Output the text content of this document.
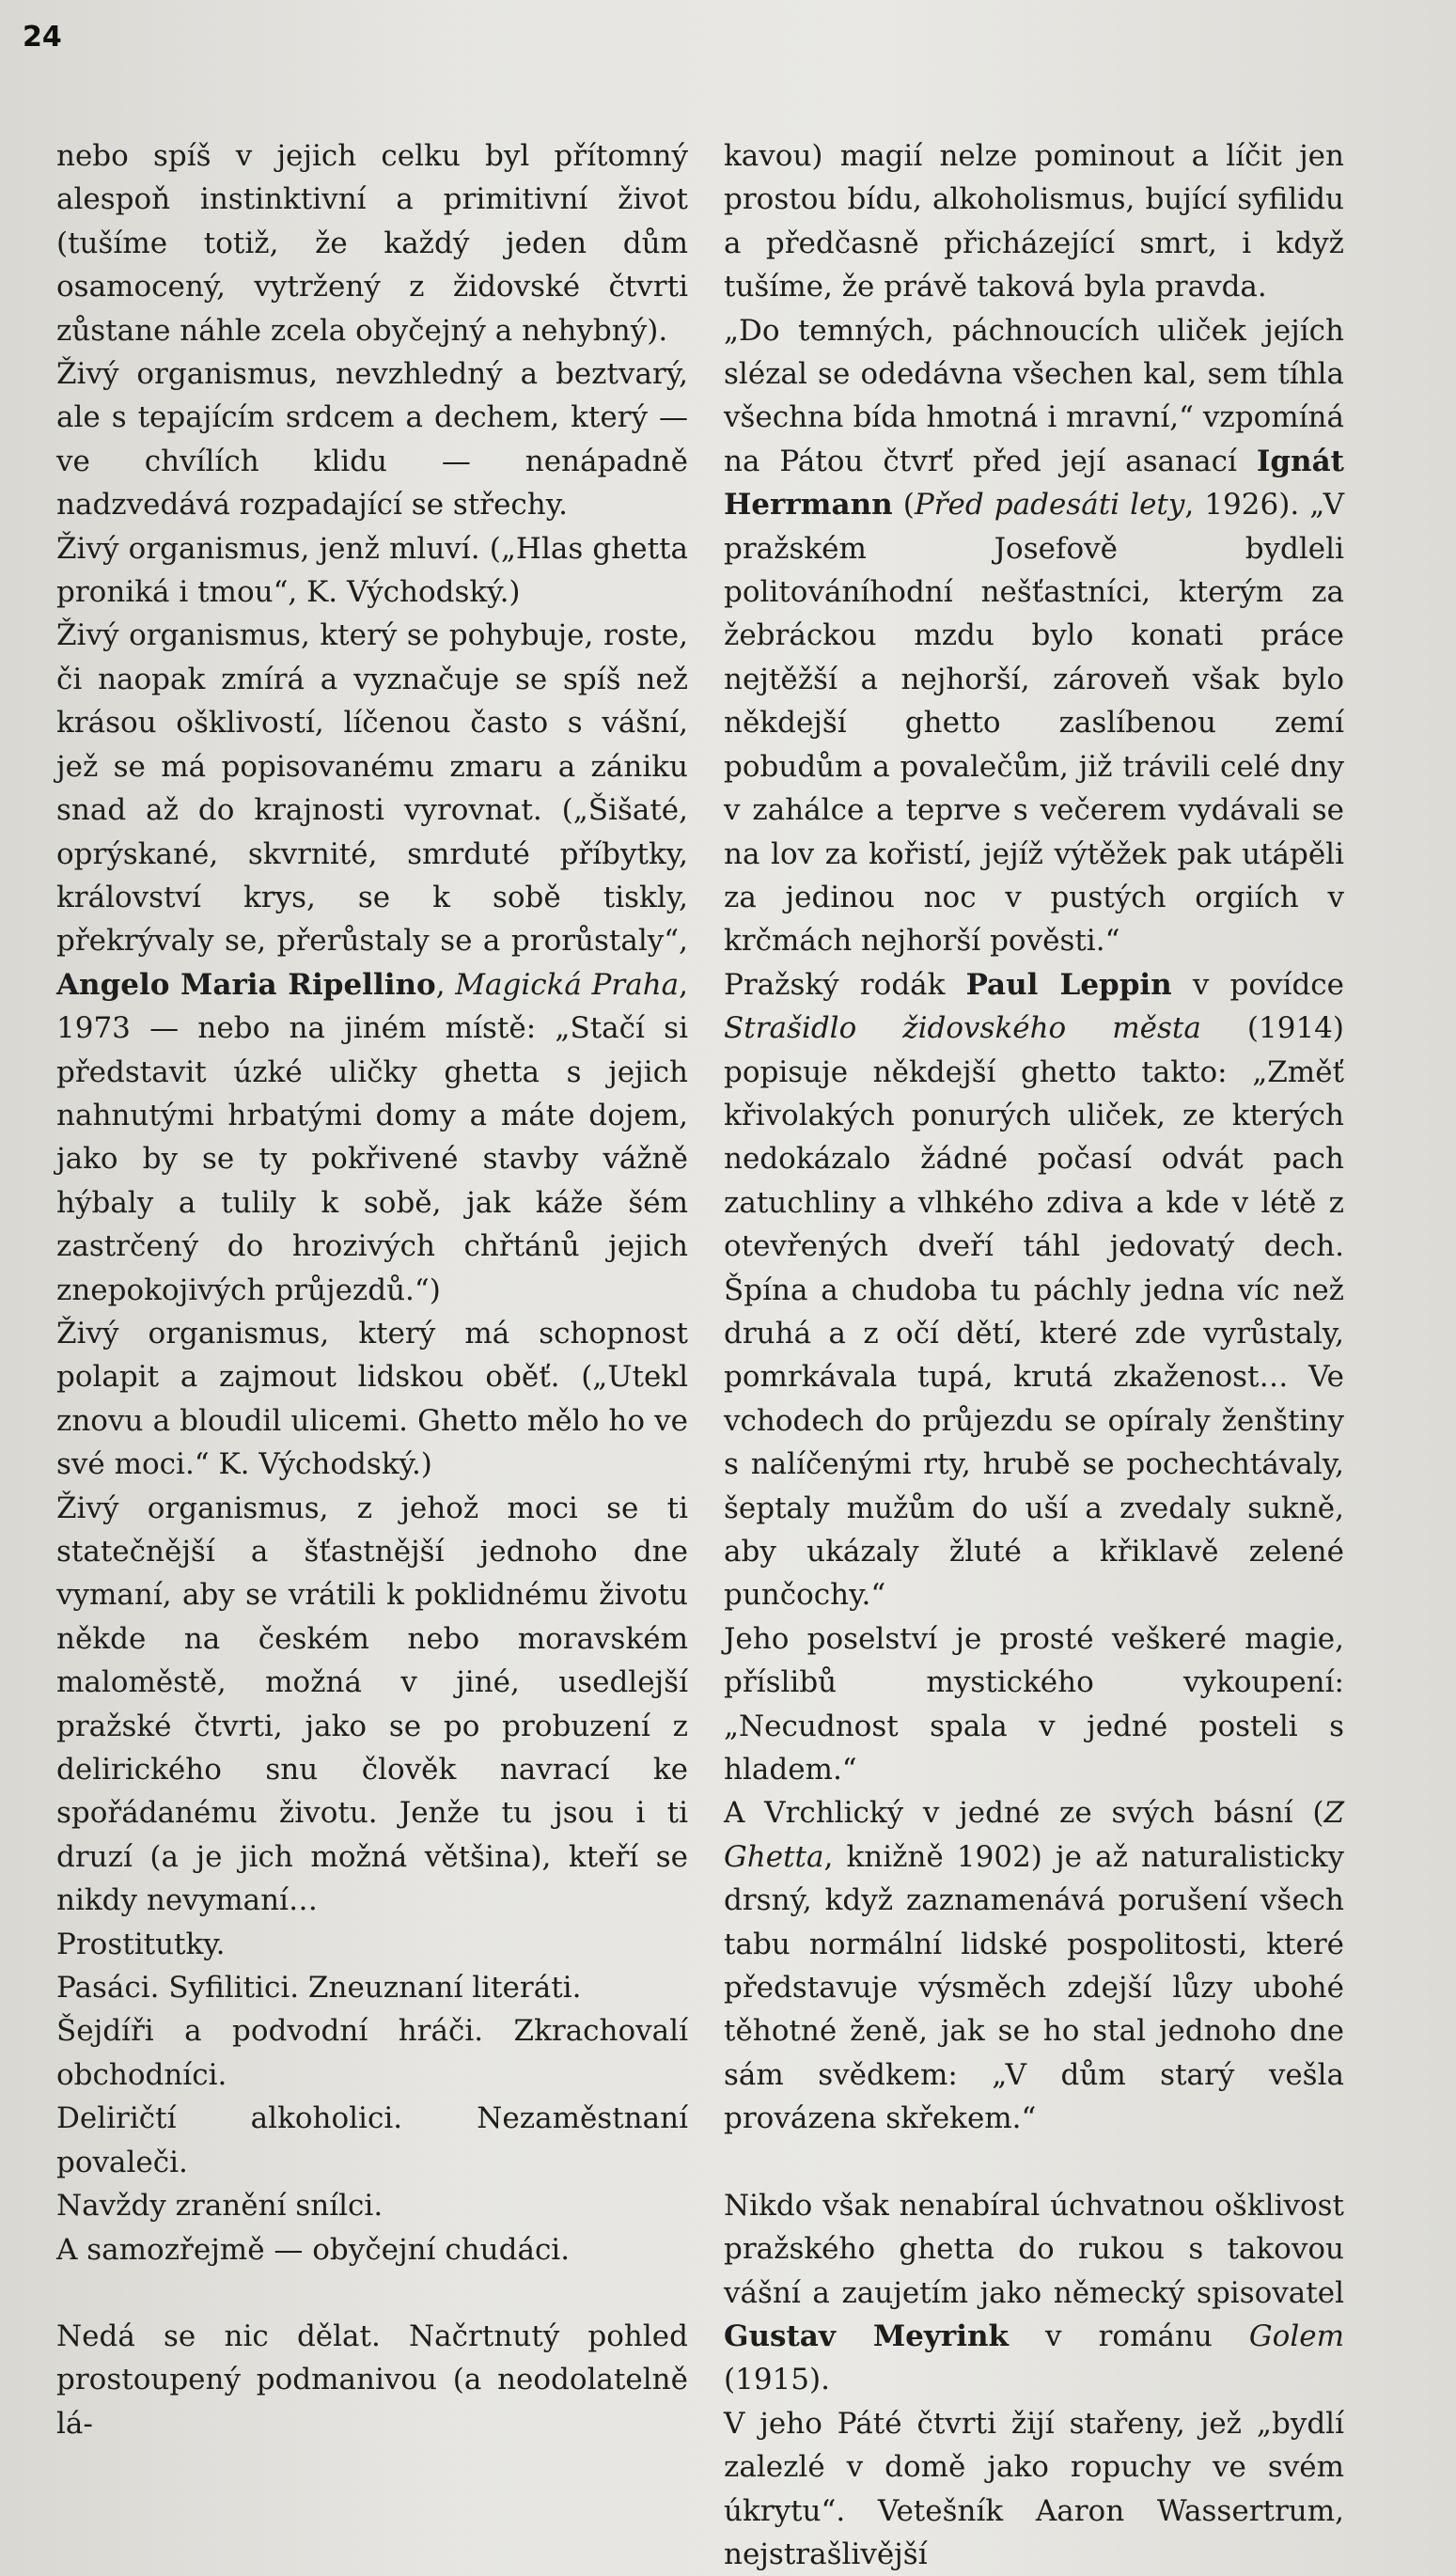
24

nebo spíš v jejich celku byl přítomný alespoň instinktivní a primitivní život (tušíme totiž, že každý jeden dům osamocený, vytržený z židovské čtvrti zůstane náhle zcela obyčejný a nehybný).

Živý organismus, nevzhledný a beztvarý, ale s tepajícím srdcem a dechem, který — ve chvílích klidu — nenápadně nadzvedává rozpadající se střechy.

Živý organismus, jenž mluví. („Hlas ghetta proniká i tmou“, K. Východský.)

Živý organismus, který se pohybuje, roste, či naopak zmírá a vyznačuje se spíš než krásou ošklivostí, líčenou často s vášní, jež se má popisovanému zmaru a zániku snad až do krajnosti vyrovnat. („Šišaté, oprýskané, skvrnité, smrduté příbytky, království krys, se k sobě tiskly, překrývaly se, přerůstaly se a prorůstaly“, Angelo Maria Ripellino, Magická Praha, 1973 — nebo na jiném místě: „Stačí si představit úzké uličky ghetta s jejich nahnutými hrbatými domy a máte dojem, jako by se ty pokřivené stavby vážně hýbaly a tulily k sobě, jak káže šém zastrčený do hrozivých chřtánů jejich znepokojivých průjezdů.“)

Živý organismus, který má schopnost polapit a zajmout lidskou oběť. („Utekl znovu a bloudil ulicemi. Ghetto mělo ho ve své moci.“ K. Východský.)

Živý organismus, z jehož moci se ti statečnější a šťastnější jednoho dne vymaní, aby se vrátili k poklidnému životu někde na českém nebo moravském maloměstě, možná v jiné, usedlejší pražské čtvrti, jako se po probuzení z delirického snu člověk navrací ke spořádanému životu. Jenže tu jsou i ti druzí (a je jich možná většina), kteří se nikdy nevymaní…

Prostitutky.

Pasáci. Syfilitici. Zneuznaní literáti.

Šejdíři a podvodní hráči. Zkrachovalí obchodníci.

Deliričtí alkoholici. Nezaměstnaní povaleči.

Navždy zranění snílci.

A samozřejmě — obyčejní chudáci.

Nedá se nic dělat. Načrtnutý pohled prostoupený podmanivou (a neodolatelně lá-

kavou) magií nelze pominout a líčit jen prostou bídu, alkoholismus, bující syfilidu a předčasně přicházející smrt, i když tušíme, že právě taková byla pravda.

„Do temných, páchnoucích uliček jejích slézal se odedávna všechen kal, sem tíhla všechna bída hmotná i mravní,“ vzpomíná na Pátou čtvrť před její asanací Ignát Herrmann (Před padesáti lety, 1926). „V pražském Josefově bydleli politováníhodní nešťastníci, kterým za žebráckou mzdu bylo konati práce nejtěžší a nejhorší, zároveň však bylo někdejší ghetto zaslíbenou zemí pobudům a povalečům, již trávili celé dny v zahálce a teprve s večerem vydávali se na lov za kořistí, jejíž výtěžek pak utápěli za jedinou noc v pustých orgiích v krčmách nejhorší pověsti.“

Pražský rodák Paul Leppin v povídce Strašidlo židovského města (1914) popisuje někdejší ghetto takto: „Změť křivolakých ponurých uliček, ze kterých nedokázalo žádné počasí odvát pach zatuchliny a vlhkého zdiva a kde v létě z otevřených dveří táhl jedovatý dech. Špína a chudoba tu páchly jedna víc než druhá a z očí dětí, které zde vyrůstaly, pomrkávala tupá, krutá zkaženost… Ve vchodech do průjezdu se opíraly ženštiny s nalíčenými rty, hrubě se pochechtávaly, šeptaly mužům do uší a zvedaly sukně, aby ukázaly žluté a křiklavě zelené punčochy.“

Jeho poselství je prosté veškeré magie, příslibů mystického vykoupení: „Necudnost spala v jedné posteli s hladem.“

A Vrchlický v jedné ze svých básní (Z Ghetta, knižně 1902) je až naturalisticky drsný, když zaznamenává porušení všech tabu normální lidské pospolitosti, které představuje výsměch zdejší lůzy ubohé těhotné ženě, jak se ho stal jednoho dne sám svědkem: „V dům starý vešla provázena skřekem.“

Nikdo však nenabíral úchvatnou ošklivost pražského ghetta do rukou s takovou vášní a zaujetím jako německý spisovatel Gustav Meyrink v románu Golem (1915).

V jeho Páté čtvrti žijí stařeny, jež „bydlí zalezlé v domě jako ropuchy ve svém úkrytu“. Vetešník Aaron Wassertrum, nejstrašlivější
